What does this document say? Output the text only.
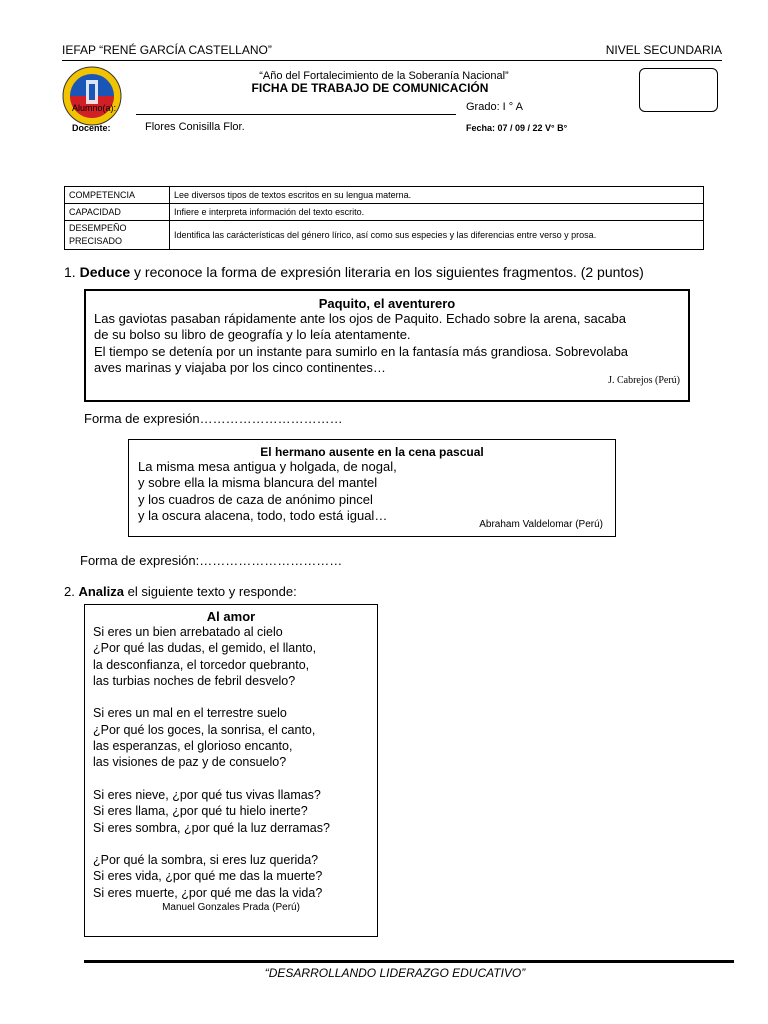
IEFAP “RENÉ GARCÍA CASTELLANO”	NIVEL SECUNDARIA
Alumno(a):
“Año del Fortalecimiento de la Soberanía Nacional”
FICHA DE TRABAJO DE COMUNICACIÓN
Grado: I ° A
Docente:	Flores Conisilla Flor.	Fecha: 07 / 09 / 22 V° B°
COMPETENCIA	Lee diversos tipos de textos escritos en su lengua materna.
CAPACIDAD	Infiere e interpreta información del texto escrito.
DESEMPEÑO PRECISADO	Identifica las carácterísticas del género lírico, así como sus especies y las diferencias entre verso y prosa.
1. Deduce y reconoce la forma de expresión literaria en los siguientes fragmentos. (2 puntos)
Paquito, el aventurero
Las gaviotas pasaban rápidamente ante los ojos de Paquito. Echado sobre la arena, sacaba
de su bolso su libro de geografía y lo leía atentamente.
El tiempo se detenía por un instante para sumirlo en la fantasía más grandiosa. Sobrevolaba
aves marinas y viajaba por los cinco continentes…
J. Cabrejos (Perú)
Forma de expresión……………………………
El hermano ausente en la cena pascual
La misma mesa antigua y holgada, de nogal,
y sobre ella la misma blancura del mantel
y los cuadros de caza de anónimo pincel
y la oscura alacena, todo, todo está igual…
Abraham Valdelomar (Perú)
Forma de expresión:……………………………
2. Analiza el siguiente texto y responde:
Al amor
Si eres un bien arrebatado al cielo
¿Por qué las dudas, el gemido, el llanto,
la desconfianza, el torcedor quebranto,
las turbias noches de febril desvelo?
Si eres un mal en el terrestre suelo
¿Por qué los goces, la sonrisa, el canto,
las esperanzas, el glorioso encanto,
las visiones de paz y de consuelo?
Si eres nieve, ¿por qué tus vivas llamas?
Si eres llama, ¿por qué tu hielo inerte?
Si eres sombra, ¿por qué la luz derramas?
¿Por qué la sombra, si eres luz querida?
Si eres vida, ¿por qué me das la muerte?
Si eres muerte, ¿por qué me das la vida?
Manuel Gonzales Prada (Perú)
“DESARROLLANDO LIDERAZGO EDUCATIVO”
